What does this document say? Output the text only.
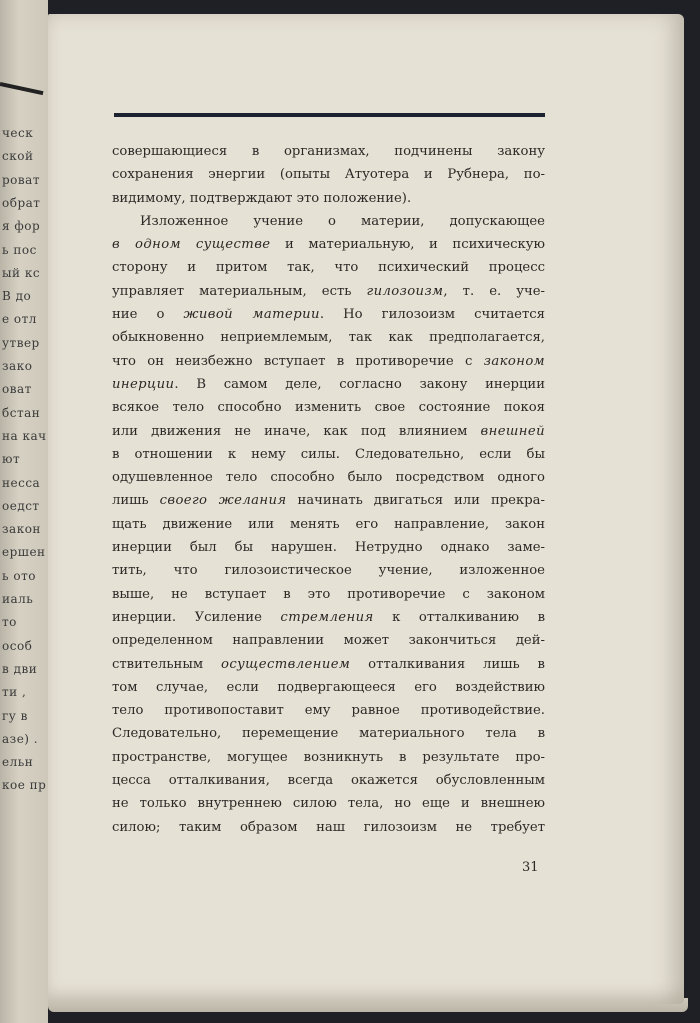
ческ
ской
роват
обрат
я фор
ь пос
ый кс
В до
е отл
утвер
зако
оват
бстан
на кач
ют
несса
оедст
закон
ершен
ь ото
иаль
то
особ
в дви
ти ,
гу в
азе) .
ельн
кое пр
совершающиеся в организмах, подчинены закону
сохранения энергии (опыты Атуотера и Рубнера, по-
видимому, подтверждают это положение).
Изложенное учение о материи, допускающее
в одном существе и материальную, и психическую
сторону и притом так, что психический процесс
управляет материальным, есть гилозоизм, т. е. уче-
ние о живой материи. Но гилозоизм считается
обыкновенно неприемлемым, так как предполагается,
что он неизбежно вступает в противоречие с законом
инерции. В самом деле, согласно закону инерции
всякое тело способно изменить свое состояние покоя
или движения не иначе, как под влиянием внешней
в отношении к нему силы. Следовательно, если бы
одушевленное тело способно было посредством одного
лишь своего желания начинать двигаться или прекра-
щать движение или менять его направление, закон
инерции был бы нарушен. Нетрудно однако заме-
тить, что гилозоистическое учение, изложенное
выше, не вступает в это противоречие с законом
инерции. Усиление стремления к отталкиванию в
определенном направлении может закончиться дей-
ствительным осуществлением отталкивания лишь в
том случае, если подвергающееся его воздействию
тело противопоставит ему равное противодействие.
Следовательно, перемещение материального тела в
пространстве, могущее возникнуть в результате про-
цесса отталкивания, всегда окажется обусловленным
не только внутреннею силою тела, но еще и внешнею
силою; таким образом наш гилозоизм не требует
31
